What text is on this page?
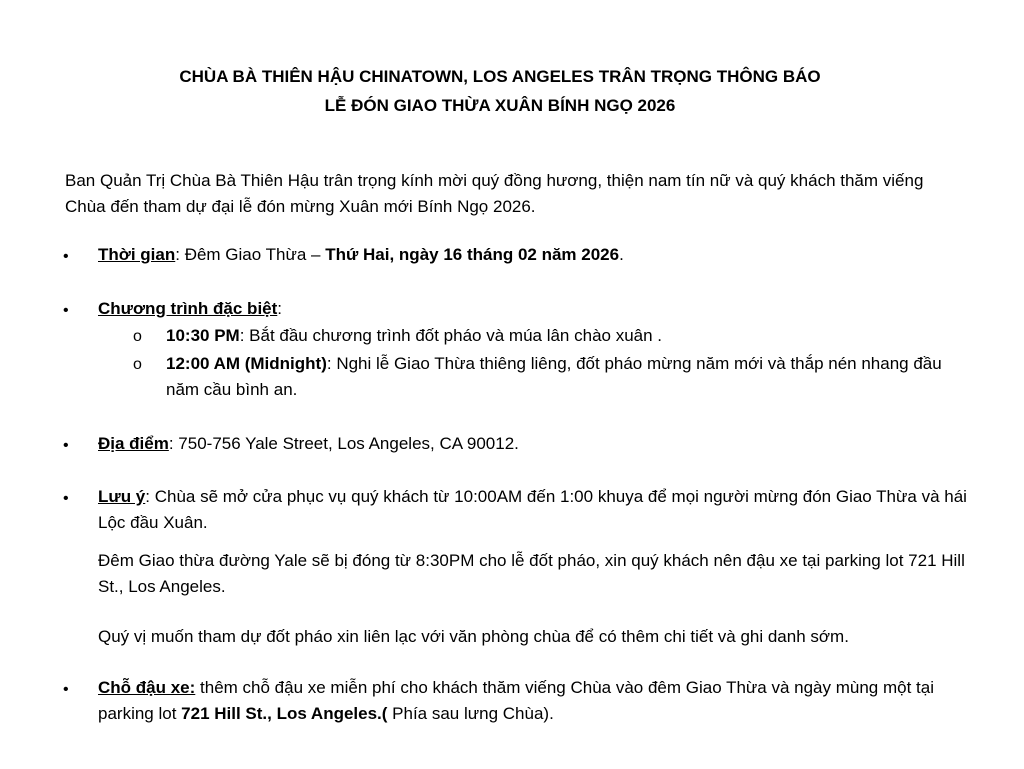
CHÙA BÀ THIÊN HẬU CHINATOWN, LOS ANGELES TRÂN TRỌNG THÔNG BÁO
LỄ ĐÓN GIAO THỪA XUÂN BÍNH NGỌ 2026
Ban Quản Trị Chùa Bà Thiên Hậu trân trọng kính mời quý đồng hương, thiện nam tín nữ và quý khách thăm viếng Chùa đến tham dự đại lễ đón mừng Xuân mới Bính Ngọ 2026.
• Thời gian: Đêm Giao Thừa – Thứ Hai, ngày 16 tháng 02 năm 2026.
• Chương trình đặc biệt:
o 10:30 PM: Bắt đầu chương trình đốt pháo và múa lân chào xuân .
o 12:00 AM (Midnight): Nghi lễ Giao Thừa thiêng liêng, đốt pháo mừng năm mới và thắp nén nhang đầu năm cầu bình an.
• Địa điểm: 750-756 Yale Street, Los Angeles, CA 90012.
• Lưu ý: Chùa sẽ mở cửa phục vụ quý khách từ 10:00AM đến 1:00 khuya để mọi người mừng đón Giao Thừa và hái Lộc đầu Xuân.
Đêm Giao thừa đường Yale sẽ bị đóng từ 8:30PM cho lễ đốt pháo, xin quý khách nên đậu xe tại parking lot 721 Hill St., Los Angeles.
Quý vị muốn tham dự đốt pháo xin liên lạc với văn phòng chùa để có thêm chi tiết và ghi danh sớm.
• Chỗ đậu xe: thêm chỗ đậu xe miễn phí cho khách thăm viếng Chùa vào đêm Giao Thừa và ngày mùng một tại parking lot 721 Hill St., Los Angeles.( Phía sau lưng Chùa).
